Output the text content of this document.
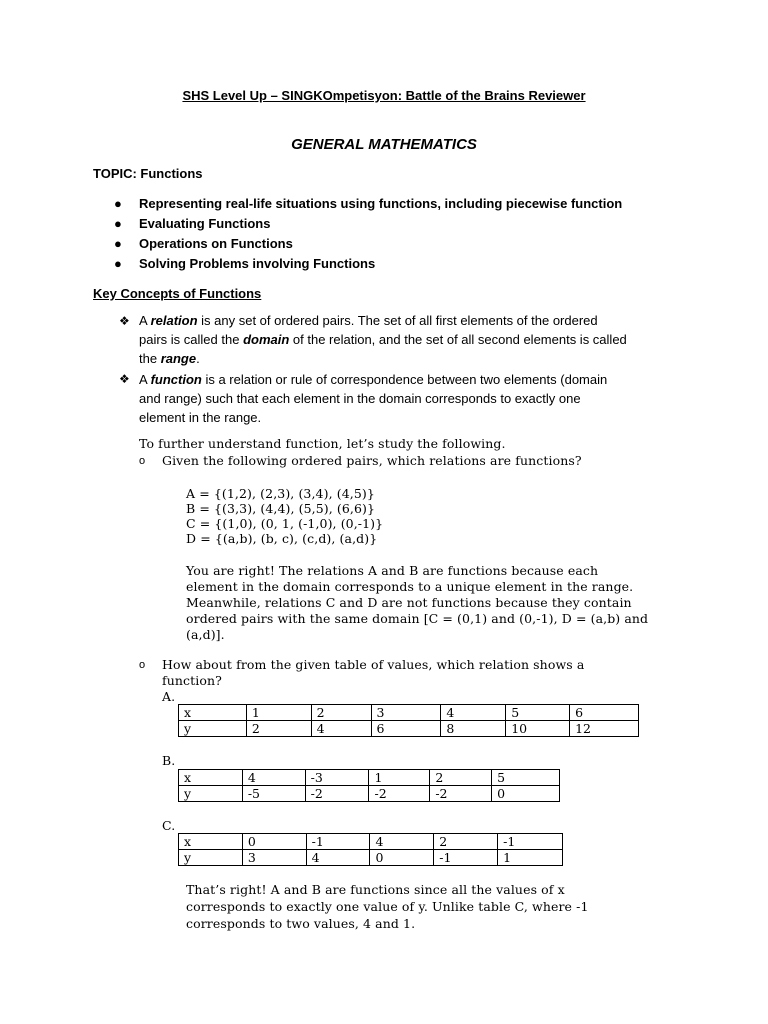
SHS Level Up – SINGKOmpetisyon: Battle of the Brains Reviewer
GENERAL MATHEMATICS
TOPIC: Functions
● Representing real-life situations using functions, including piecewise function
● Evaluating Functions
● Operations on Functions
● Solving Problems involving Functions
Key Concepts of Functions
❖ A relation is any set of ordered pairs. The set of all first elements of the ordered
pairs is called the domain of the relation, and the set of all second elements is called
the range.
❖ A function is a relation or rule of correspondence between two elements (domain
and range) such that each element in the domain corresponds to exactly one
element in the range.
To further understand function, let’s study the following.
o Given the following ordered pairs, which relations are functions?
A = {(1,2), (2,3), (3,4), (4,5)}
B = {(3,3), (4,4), (5,5), (6,6)}
C = {(1,0), (0, 1, (-1,0), (0,-1)}
D = {(a,b), (b, c), (c,d), (a,d)}
You are right! The relations A and B are functions because each
element in the domain corresponds to a unique element in the range.
Meanwhile, relations C and D are not functions because they contain
ordered pairs with the same domain [C = (0,1) and (0,-1), D = (a,b) and
(a,d)].
o How about from the given table of values, which relation shows a
function?
A.
x	1	2	3	4	5	6
y	2	4	6	8	10	12
B.
x	4	-3	1	2	5
y	-5	-2	-2	-2	0
C.
x	0	-1	4	2	-1
y	3	4	0	-1	1
That’s right! A and B are functions since all the values of x
corresponds to exactly one value of y. Unlike table C, where -1
corresponds to two values, 4 and 1.
